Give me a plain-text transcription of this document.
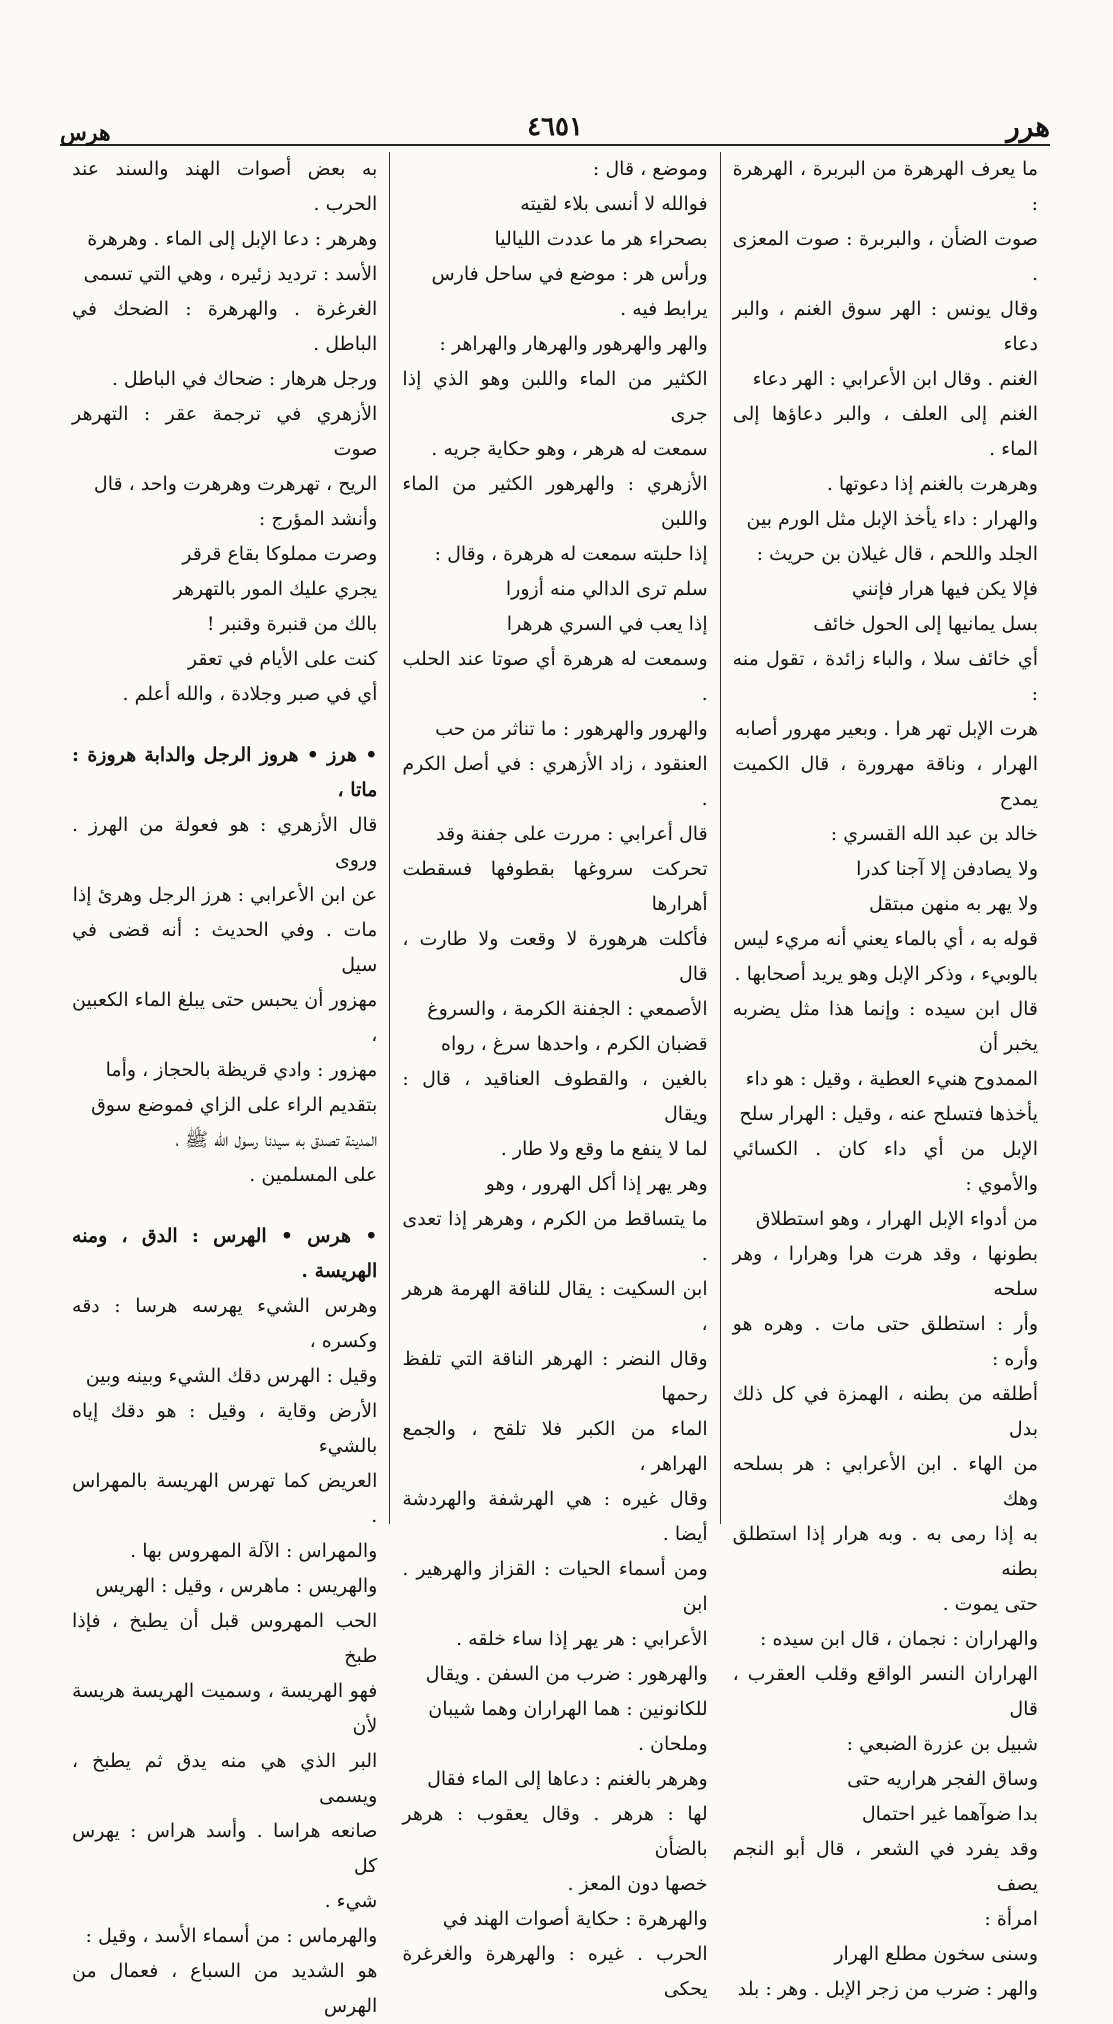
هرر
٤٦٥١
هرس

ما يعرف الهرهرة من البربرة ، الهرهرة :

صوت الضأن ، والبربرة : صوت المعزى .

وقال يونس : الهر سوق الغنم ، والبر دعاء

الغنم . وقال ابن الأعرابي : الهر دعاء

الغنم إلى العلف ، والبر دعاؤها إلى الماء .

وهرهرت بالغنم إذا دعوتها .

والهرار : داء يأخذ الإبل مثل الورم بين

الجلد واللحم ، قال غيلان بن حريث :

فإلا يكن فيها هرار فإنني

بسل يمانيها إلى الحول خائف

أي خائف سلا ، والباء زائدة ، تقول منه :

هرت الإبل تهر هرا . وبعير مهرور أصابه

الهرار ، وناقة مهرورة ، قال الكميت يمدح

خالد بن عبد الله القسري :

ولا يصادفن إلا آجنا كدرا

ولا يهر به منهن مبتقل

قوله به ، أي بالماء يعني أنه مريء ليس

بالوبيء ، وذكر الإبل وهو يريد أصحابها .

قال ابن سيده : وإنما هذا مثل يضربه يخبر أن

الممدوح هنيء العطية ، وقيل : هو داء

يأخذها فتسلح عنه ، وقيل : الهرار سلح

الإبل من أي داء كان . الكسائي والأموي :

من أدواء الإبل الهرار ، وهو استطلاق

بطونها ، وقد هرت هرا وهرارا ، وهر سلحه

وأر : استطلق حتى مات . وهره هو وأره :

أطلقه من بطنه ، الهمزة في كل ذلك بدل

من الهاء . ابن الأعرابي : هر بسلحه وهك

به إذا رمى به . وبه هرار إذا استطلق بطنه

حتى يموت .

والهراران : نجمان ، قال ابن سيده :

الهراران النسر الواقع وقلب العقرب ، قال

شبيل بن عزرة الضبعي :

وساق الفجر هراريه حتى

بدا ضوآهما غير احتمال

وقد يفرد في الشعر ، قال أبو النجم يصف

امرأة :

وسنى سخون مطلع الهرار

والهر : ضرب من زجر الإبل . وهر : بلد

وموضع ، قال :

فوالله لا أنسى بلاء لقيته

بصحراء هر ما عددت اللياليا

ورأس هر : موضع في ساحل فارس

يرابط فيه .

والهر والهرهور والهرهار والهراهر :

الكثير من الماء واللبن وهو الذي إذا جرى

سمعت له هرهر ، وهو حكاية جريه .

الأزهري : والهرهور الكثير من الماء واللبن

إذا حلبته سمعت له هرهرة ، وقال :

سلم ترى الدالي منه أزورا

إذا يعب في السري هرهرا

وسمعت له هرهرة أي صوتا عند الحلب .

والهرور والهرهور : ما تناثر من حب

العنقود ، زاد الأزهري : في أصل الكرم .

قال أعرابي : مررت على جفنة وقد

تحركت سروغها بقطوفها فسقطت أهرارها

فأكلت هرهورة لا وقعت ولا طارت ، قال

الأصمعي : الجفنة الكرمة ، والسروغ

قضبان الكرم ، واحدها سرغ ، رواه

بالغين ، والقطوف العناقيد ، قال : ويقال

لما لا ينفع ما وقع ولا طار .

وهر يهر إذا أكل الهرور ، وهو

ما يتساقط من الكرم ، وهرهر إذا تعدى .

ابن السكيت : يقال للناقة الهرمة هرهر ،

وقال النضر : الهرهر الناقة التي تلفظ رحمها

الماء من الكبر فلا تلقح ، والجمع الهراهر ،

وقال غيره : هي الهرشفة والهردشة أيضا .

ومن أسماء الحيات : القزاز والهرهير . ابن

الأعرابي : هر يهر إذا ساء خلقه .

والهرهور : ضرب من السفن . ويقال

للكانونين : هما الهراران وهما شيبان

وملحان .

وهرهر بالغنم : دعاها إلى الماء فقال

لها : هرهر . وقال يعقوب : هرهر بالضأن

خصها دون المعز .

والهرهرة : حكاية أصوات الهند في

الحرب . غيره : والهرهرة والغرغرة يحكى

به بعض أصوات الهند والسند عند الحرب .

وهرهر : دعا الإبل إلى الماء . وهرهرة

الأسد : ترديد زئيره ، وهي التي تسمى

الغرغرة . والهرهرة : الضحك في الباطل .

ورجل هرهار : ضحاك في الباطل .

الأزهري في ترجمة عقر : التهرهر صوت

الريح ، تهرهرت وهرهرت واحد ، قال

وأنشد المؤرج :

وصرت مملوكا بقاع قرقر

يجري عليك المور بالتهرهر

بالك من قنبرة وقنبر !

كنت على الأيام في تعقر

أي في صبر وجلادة ، والله أعلم .

• هرز • هروز الرجل والدابة هروزة : ماتا ،

قال الأزهري : هو فعولة من الهرز . وروى

عن ابن الأعرابي : هرز الرجل وهرئ إذا

مات . وفي الحديث : أنه قضى في سيل

مهزور أن يحبس حتى يبلغ الماء الكعبين ،

مهزور : وادي قريظة بالحجاز ، وأما

بتقديم الراء على الزاي فموضع سوق

المدينة تصدق به سيدنا رسول الله ﷺ ،

على المسلمين .

• هرس • الهرس : الدق ، ومنه الهريسة .

وهرس الشيء يهرسه هرسا : دقه وكسره ،

وقيل : الهرس دقك الشيء وبينه وبين

الأرض وقاية ، وقيل : هو دقك إياه بالشيء

العريض كما تهرس الهريسة بالمهراس .

والمهراس : الآلة المهروس بها .

والهريس : ماهرس ، وقيل : الهريس

الحب المهروس قبل أن يطبخ ، فإذا طبخ

فهو الهريسة ، وسميت الهريسة هريسة لأن

البر الذي هي منه يدق ثم يطبخ ، ويسمى

صانعه هراسا . وأسد هراس : يهرس كل

شيء .

والهرماس : من أسماء الأسد ، وقيل :

هو الشديد من السباع ، فعمال من الهرس
